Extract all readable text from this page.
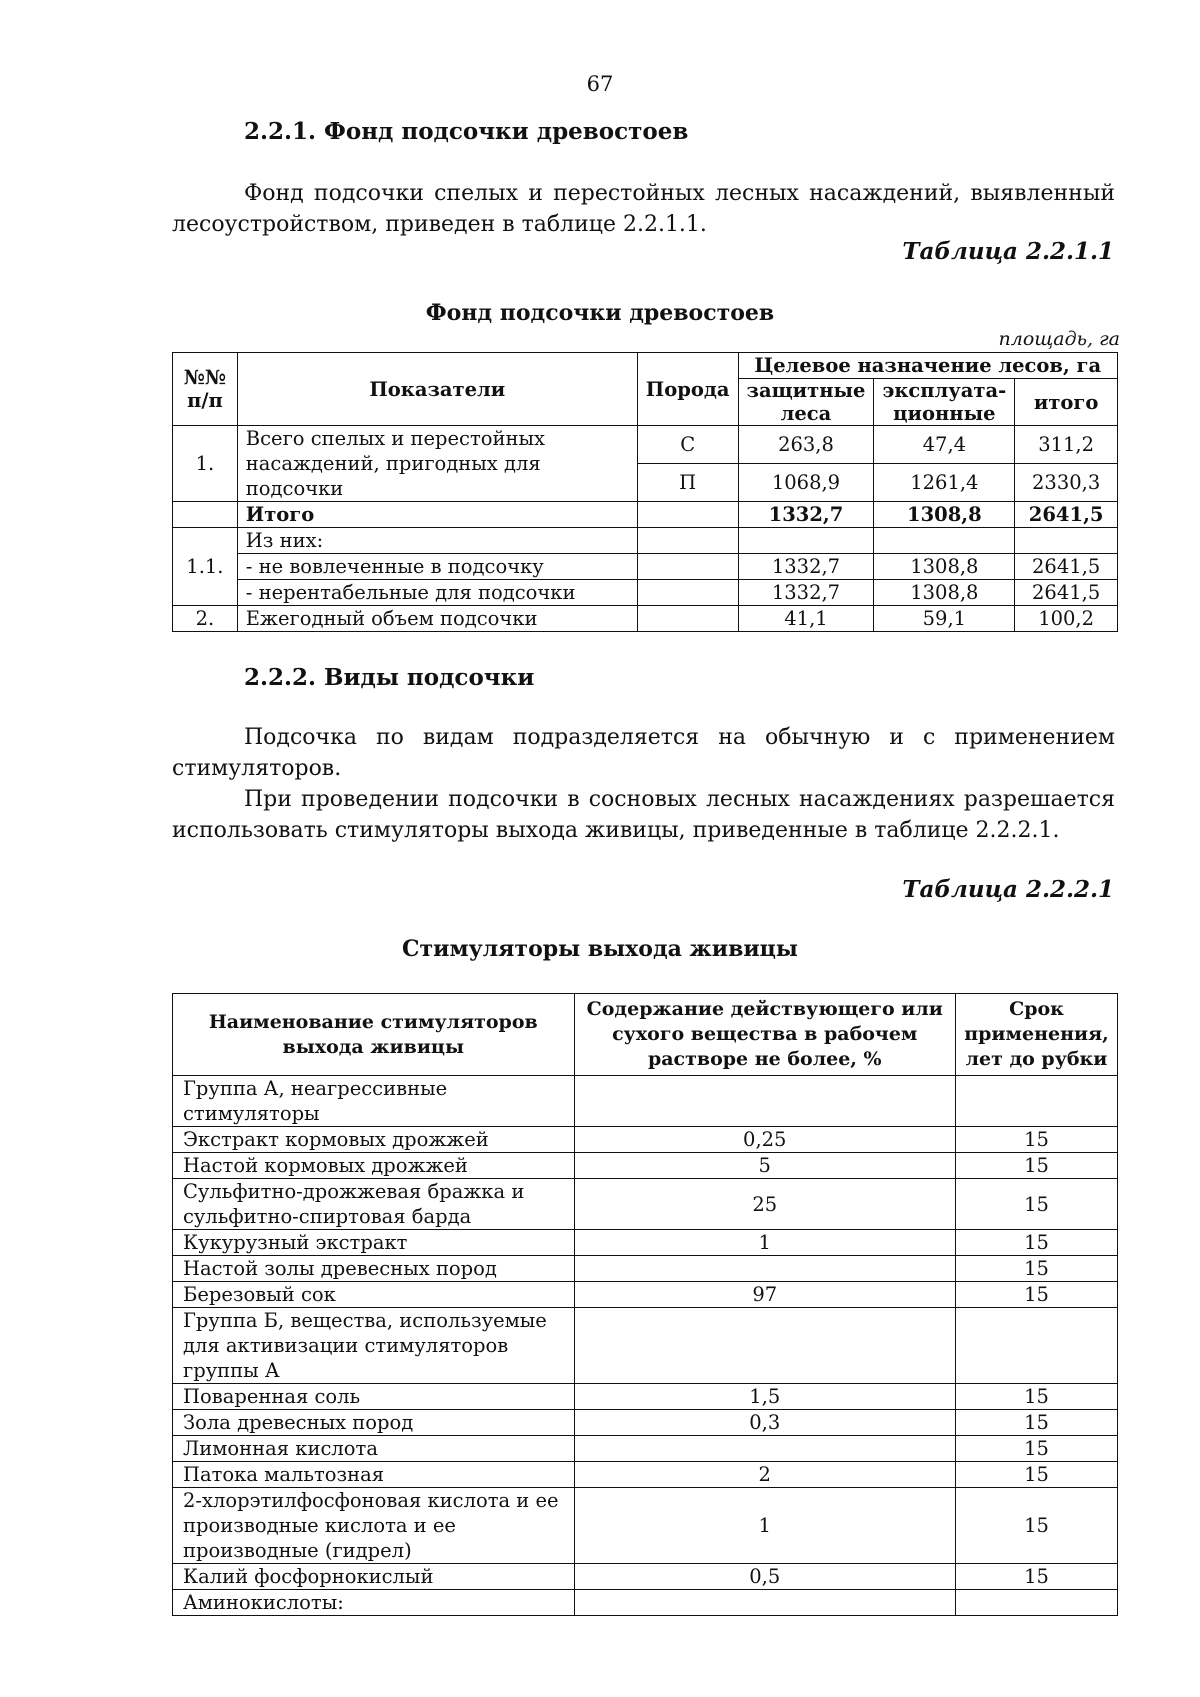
67
2.2.1. Фонд подсочки древостоев

Фонд подсочки спелых и перестойных лесных насаждений, выявленный лесоустройством, приведен в таблице 2.2.1.1.

Таблица 2.2.1.1
Фонд подсочки древостоев
площадь, га
№№ п/п	Показатели	Порода	Целевое назначение лесов, га		
			защитные леса	эксплуата-ционные	итого
1.	Всего спелых и перестойных насаждений, пригодных для подсочки	С	263,8	47,4	311,2
		П	1068,9	1261,4	2330,3
	Итого		1332,7	1308,8	2641,5
1.1.	Из них:				
	- не вовлеченные в подсочку		1332,7	1308,8	2641,5
	- нерентабельные для подсочки		1332,7	1308,8	2641,5
2.	Ежегодный объем подсочки		41,1	59,1	100,2
2.2.2. Виды подсочки

Подсочка по видам подразделяется на обычную и с применением стимуляторов.

При проведении подсочки в сосновых лесных насаждениях разрешается использовать стимуляторы выхода живицы, приведенные в таблице 2.2.2.1.

Таблица 2.2.2.1
Стимуляторы выхода живицы
Наименование стимуляторов выхода живицы	Содержание действующего или сухого вещества в рабочем растворе не более, %	Срок применения, лет до рубки
Группа А, неагрессивные стимуляторы		
Экстракт кормовых дрожжей	0,25	15
Настой кормовых дрожжей	5	15
Сульфитно-дрожжевая бражка и сульфитно-спиртовая барда	25	15
Кукурузный экстракт	1	15
Настой золы древесных пород		15
Березовый сок	97	15
Группа Б, вещества, используемые для активизации стимуляторов группы А		
Поваренная соль	1,5	15
Зола древесных пород	0,3	15
Лимонная кислота		15
Патока мальтозная	2	15
2-хлорэтилфосфоновая кислота и ее производные кислота и ее производные (гидрел)	1	15
Калий фосфорнокислый	0,5	15
Аминокислоты:		
